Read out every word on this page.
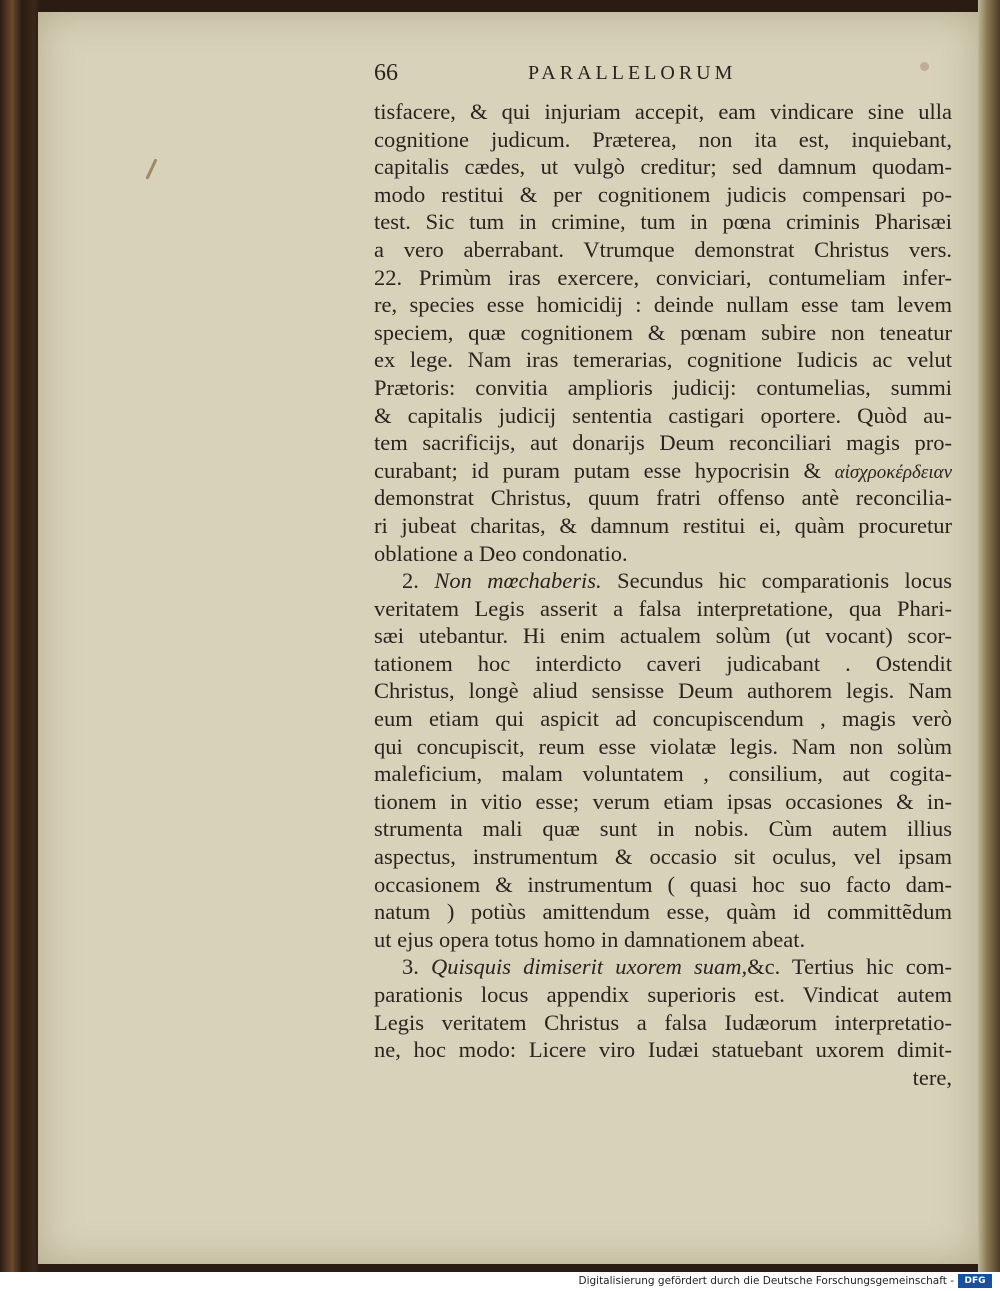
66	PARALLELORUM
tisfacere, & qui injuriam accepit, eam vindicare sine ulla
cognitione judicum. Præterea, non ita est, inquiebant,
capitalis cædes, ut vulgò creditur; sed damnum quodam-
modo restitui & per cognitionem judicis compensari po-
test. Sic tum in crimine, tum in pœna criminis Pharisæi
a vero aberrabant. Vtrumque demonstrat Christus vers.
22. Primùm iras exercere, conviciari, contumeliam infer-
re, species esse homicidij : deinde nullam esse tam levem
speciem, quæ cognitionem & pœnam subire non teneatur
ex lege. Nam iras temerarias, cognitione Iudicis ac velut
Prætoris: convitia amplioris judicij: contumelias, summi
& capitalis judicij sententia castigari oportere. Quòd au-
tem sacrificijs, aut donarijs Deum reconciliari magis pro-
curabant; id puram putam esse hypocrisin & αἰσχροκέρδειαν
demonstrat Christus, quum fratri offenso antè reconcilia-
ri jubeat charitas, & damnum restitui ei, quàm procuretur
oblatione a Deo condonatio.
2. Non mœchaberis. Secundus hic comparationis locus
veritatem Legis asserit a falsa interpretatione, qua Phari-
sæi utebantur. Hi enim actualem solùm (ut vocant) scor-
tationem hoc interdicto caveri judicabant . Ostendit
Christus, longè aliud sensisse Deum authorem legis. Nam
eum etiam qui aspicit ad concupiscendum , magis verò
qui concupiscit, reum esse violatæ legis. Nam non solùm
maleficium, malam voluntatem , consilium, aut cogita-
tionem in vitio esse; verum etiam ipsas occasiones & in-
strumenta mali quæ sunt in nobis. Cùm autem illius
aspectus, instrumentum & occasio sit oculus, vel ipsam
occasionem & instrumentum ( quasi hoc suo facto dam-
natum ) potiùs amittendum esse, quàm id committẽdum
ut ejus opera totus homo in damnationem abeat.
3. Quisquis dimiserit uxorem suam,&c. Tertius hic com-
parationis locus appendix superioris est. Vindicat autem
Legis veritatem Christus a falsa Iudæorum interpretatio-
ne, hoc modo: Licere viro Iudæi statuebant uxorem dimit-
tere,
Digitalisierung gefördert durch die Deutsche Forschungsgemeinschaft -	DFG
